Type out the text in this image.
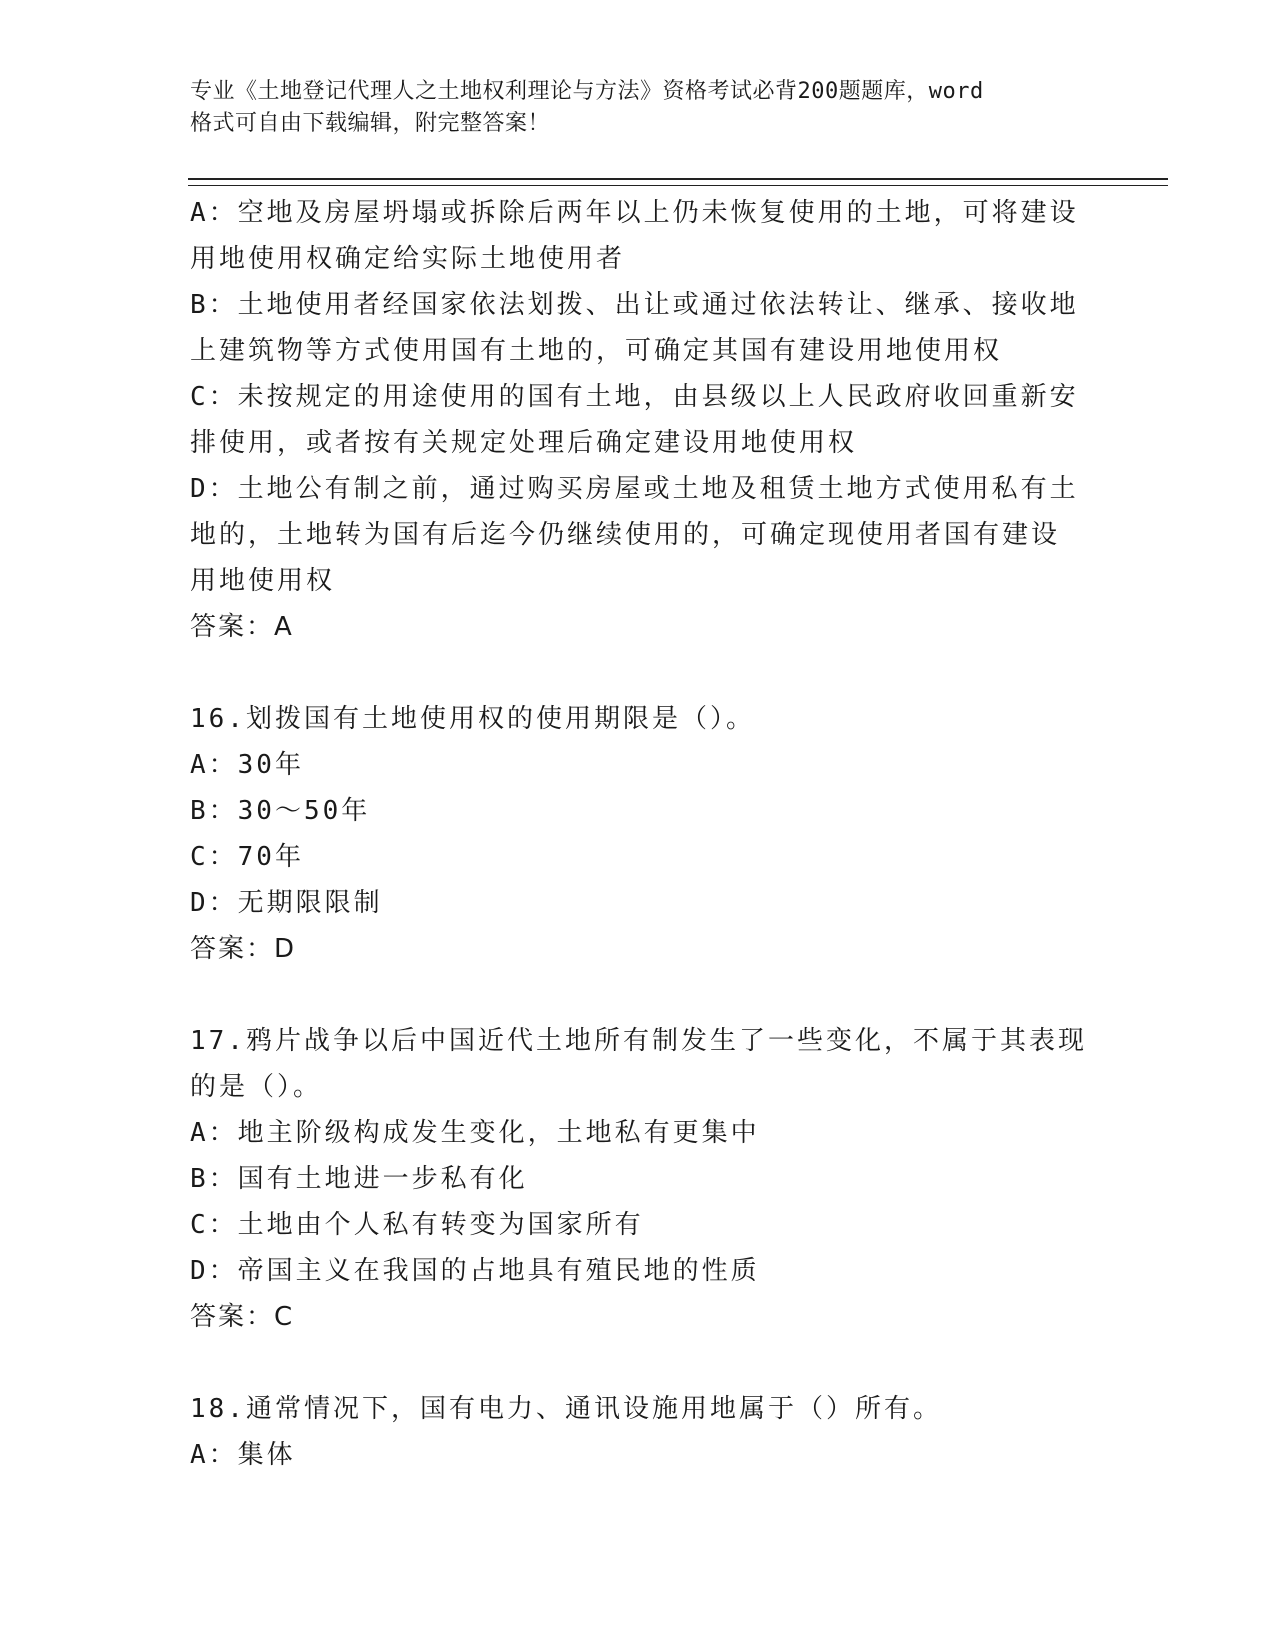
专业《土地登记代理人之土地权利理论与方法》资格考试必背200题题库，word
格式可自由下载编辑，附完整答案！
A：空地及房屋坍塌或拆除后两年以上仍未恢复使用的土地，可将建设
用地使用权确定给实际土地使用者
B：土地使用者经国家依法划拨、出让或通过依法转让、继承、接收地
上建筑物等方式使用国有土地的，可确定其国有建设用地使用权
C：未按规定的用途使用的国有土地，由县级以上人民政府收回重新安
排使用，或者按有关规定处理后确定建设用地使用权
D：土地公有制之前，通过购买房屋或土地及租赁土地方式使用私有土
地的，土地转为国有后迄今仍继续使用的，可确定现使用者国有建设
用地使用权
答案：A
16.划拨国有土地使用权的使用期限是（）。
A：30年
B：30～50年
C：70年
D：无期限限制
答案：D
17.鸦片战争以后中国近代土地所有制发生了一些变化，不属于其表现
的是（）。
A：地主阶级构成发生变化，土地私有更集中
B：国有土地进一步私有化
C：土地由个人私有转变为国家所有
D：帝国主义在我国的占地具有殖民地的性质
答案：C
18.通常情况下，国有电力、通讯设施用地属于（）所有。
A：集体
